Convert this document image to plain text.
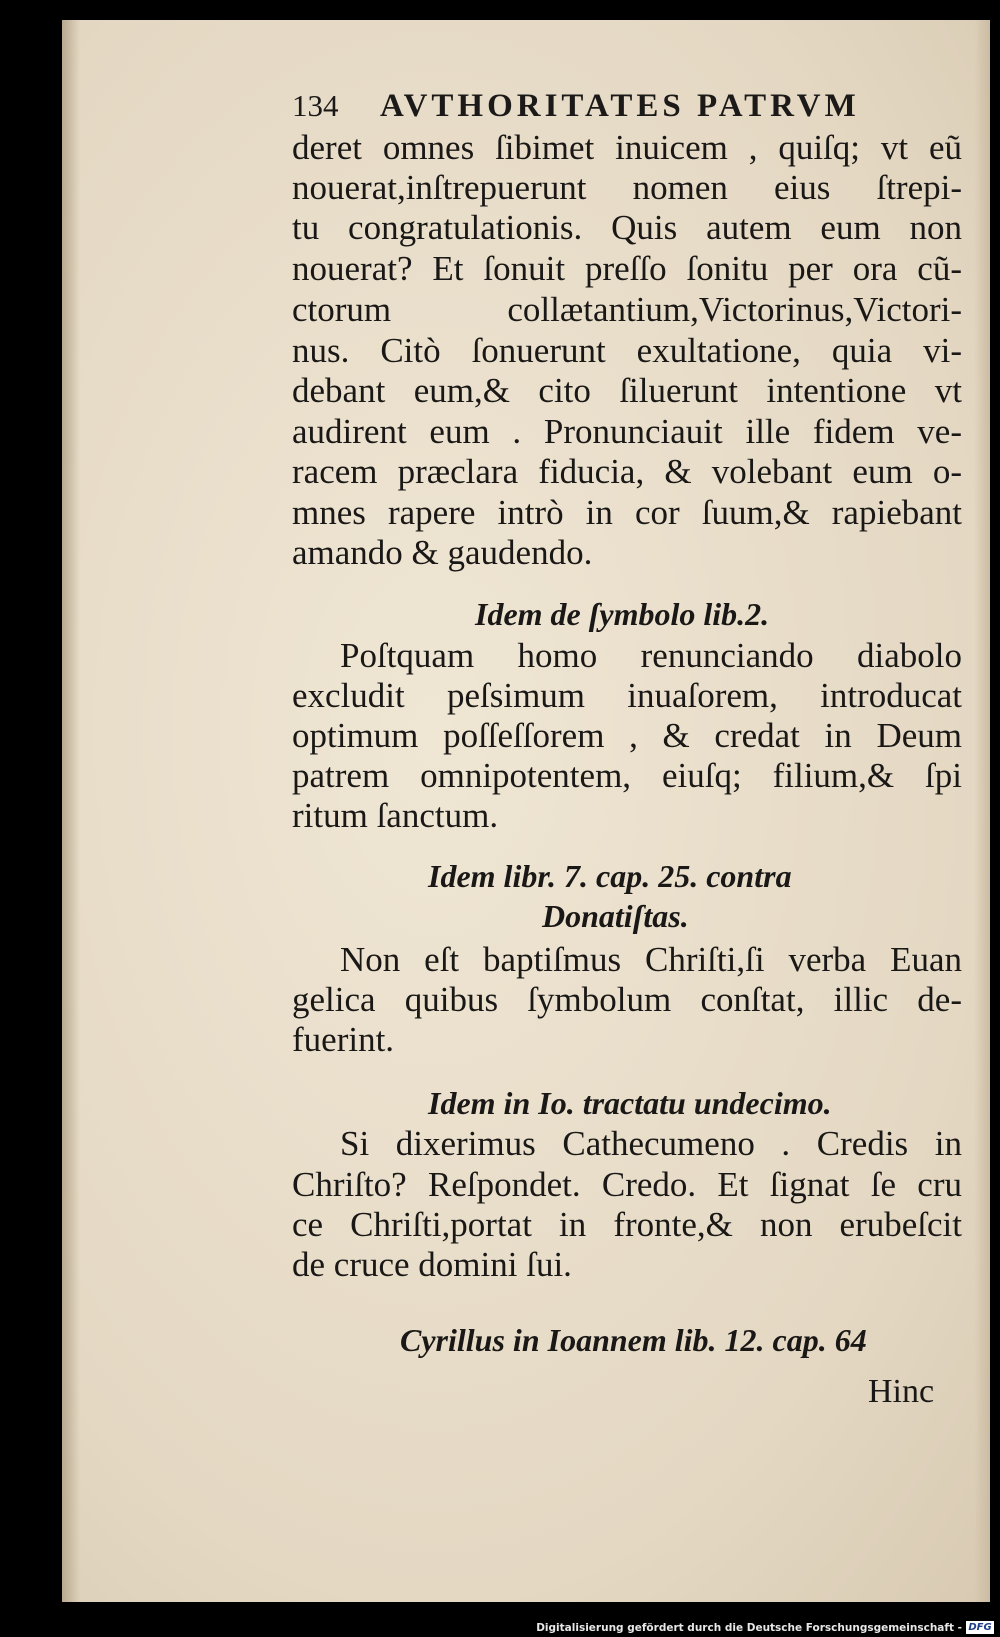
134 AVTHORITATES PATRVM
deret omnes ſibimet inuicem , quiſq; vt eũ
nouerat,inſtrepuerunt nomen eius ſtrepi-
tu congratulationis. Quis autem eum non
nouerat? Et ſonuit preſſo ſonitu per ora cũ-
ctorum collætantium,Victorinus,Victori-
nus. Citò ſonuerunt exultatione, quia vi-
debant eum,& cito ſiluerunt intentione vt
audirent eum . Pronunciauit ille fidem ve-
racem præclara fiducia, & volebant eum o-
mnes rapere intrò in cor ſuum,& rapiebant
amando & gaudendo.
Idem de ſymbolo lib.2.
Poſtquam homo renunciando diabolo
excludit peſsimum inuaſorem, introducat
optimum poſſeſſorem , & credat in Deum
patrem omnipotentem, eiuſq; filium,& ſpi
ritum ſanctum.
Idem libr. 7. cap. 25. contra
Donatiſtas.
Non eſt baptiſmus Chriſti,ſi verba Euan
gelica quibus ſymbolum conſtat, illic de-
fuerint.
Idem in Io. tractatu undecimo.
Si dixerimus Cathecumeno . Credis in
Chriſto? Reſpondet. Credo. Et ſignat ſe cru
ce Chriſti,portat in fronte,& non erubeſcit
de cruce domini ſui.
Cyrillus in Ioannem lib. 12. cap. 64
Hinc
Digitalisierung gefördert durch die Deutsche Forschungsgemeinschaft - DFG
